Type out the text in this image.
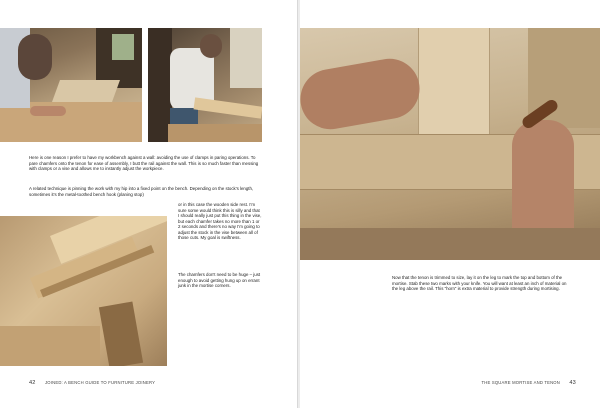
Here is one reason I prefer to have my workbench against a wall: avoiding the use of clamps in paring operations. To pare chamfers onto the tenon for ease of assembly, I butt the rail against the wall. This is so much faster than messing with clamps or a vise and allows me to instantly adjust the workpiece.

A related technique is pinning the work with my hip into a fixed point on the bench. Depending on the stock's length, sometimes it's the metal-toothed bench hook (planing stop)

or in this case the wooden side rest. I'm sure some would think this is silly and that I should really just put this thing in the vise, but each chamfer takes no more than 1 or 2 seconds and there's no way I'm going to adjust the stock in the vise between all of those cuts. My goal is swiftness.

The chamfers don't need to be huge – just enough to avoid getting hung up on errant junk in the mortise corners.

42 JOINED: A BENCH GUIDE TO FURNITURE JOINERY

Now that the tenon is trimmed to size, lay it on the leg to mark the top and bottom of the mortise. Stab these two marks with your knife. You will want at least an inch of material on the leg above the rail. This “horn” is extra material to provide strength during mortising.

THE SQUARE MORTISE AND TENON 43
